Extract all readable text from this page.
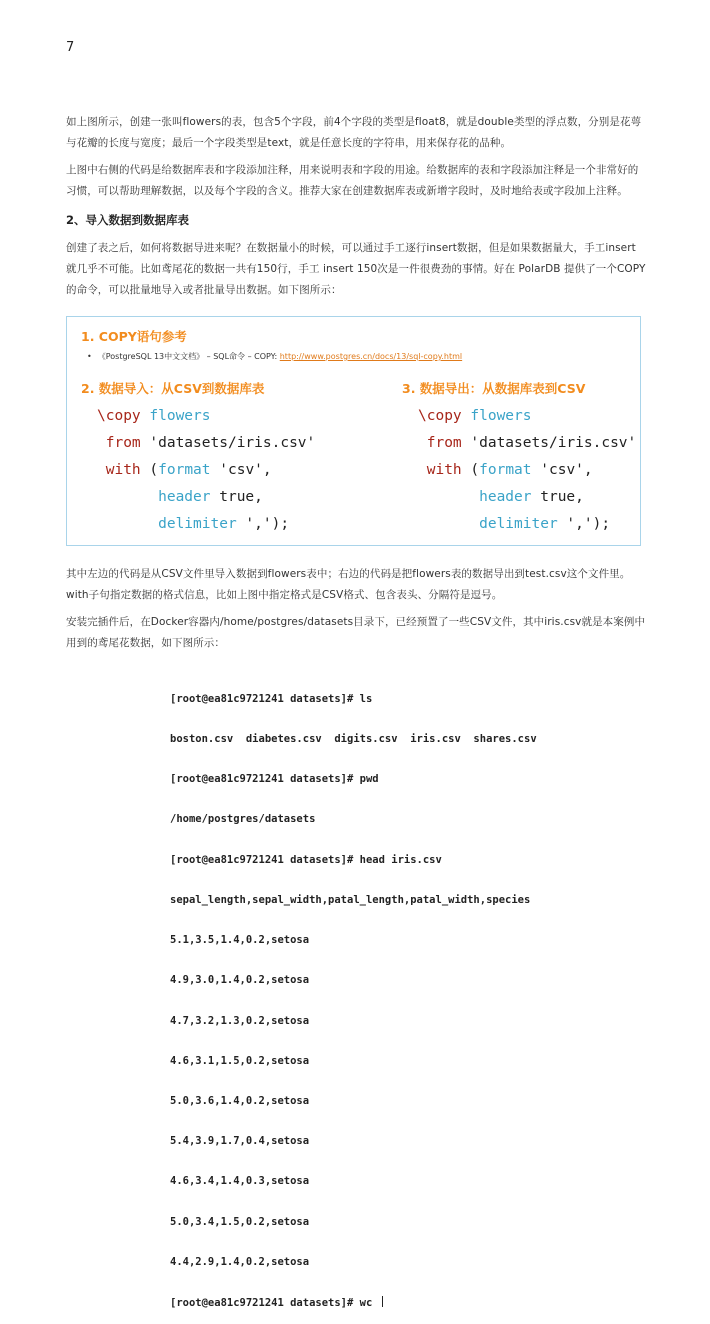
7

如上图所示，创建一张叫flowers的表，包含5个字段，前4个字段的类型是float8，就是double类型的浮点数，分别是花萼与花瓣的长度与宽度；最后一个字段类型是text，就是任意长度的字符串，用来保存花的品种。

上图中右侧的代码是给数据库表和字段添加注释，用来说明表和字段的用途。给数据库的表和字段添加注释是一个非常好的习惯，可以帮助理解数据，以及每个字段的含义。推荐大家在创建数据库表或新增字段时，及时地给表或字段加上注释。

2、导入数据到数据库表

创建了表之后，如何将数据导进来呢？在数据量小的时候，可以通过手工逐行insert数据，但是如果数据量大，手工insert就几乎不可能。比如鸢尾花的数据一共有150行，手工 insert 150次是一件很费劲的事情。好在 PolarDB 提供了一个COPY 的命令，可以批量地导入或者批量导出数据。如下图所示：

1. COPY语句参考
• 《PostgreSQL 13中文文档》 – SQL命令 – COPY: http://www.postgres.cn/docs/13/sql-copy.html
2. 数据导入：从CSV到数据库表	3. 数据导出：从数据库表到CSV
\copy flowers
from 'datasets/iris.csv'
with (format 'csv',
header true,
delimiter ',');
\copy flowers
from 'datasets/iris.csv'
with (format 'csv',
header true,
delimiter ',');

其中左边的代码是从CSV文件里导入数据到flowers表中；右边的代码是把flowers表的数据导出到test.csv这个文件里。with子句指定数据的格式信息，比如上图中指定格式是CSV格式、包含表头、分隔符是逗号。

安装完插件后，在Docker容器内/home/postgres/datasets目录下，已经预置了一些CSV文件，其中iris.csv就是本案例中用到的鸢尾花数据，如下图所示：

[root@ea81c9721241 datasets]# ls

boston.csv  diabetes.csv  digits.csv  iris.csv  shares.csv

[root@ea81c9721241 datasets]# pwd

/home/postgres/datasets

[root@ea81c9721241 datasets]# head iris.csv

sepal_length,sepal_width,patal_length,patal_width,species

5.1,3.5,1.4,0.2,setosa

4.9,3.0,1.4,0.2,setosa

4.7,3.2,1.3,0.2,setosa

4.6,3.1,1.5,0.2,setosa

5.0,3.6,1.4,0.2,setosa

5.4,3.9,1.7,0.4,setosa

4.6,3.4,1.4,0.3,setosa

5.0,3.4,1.5,0.2,setosa

4.4,2.9,1.4,0.2,setosa

[root@ea81c9721241 datasets]# wc
